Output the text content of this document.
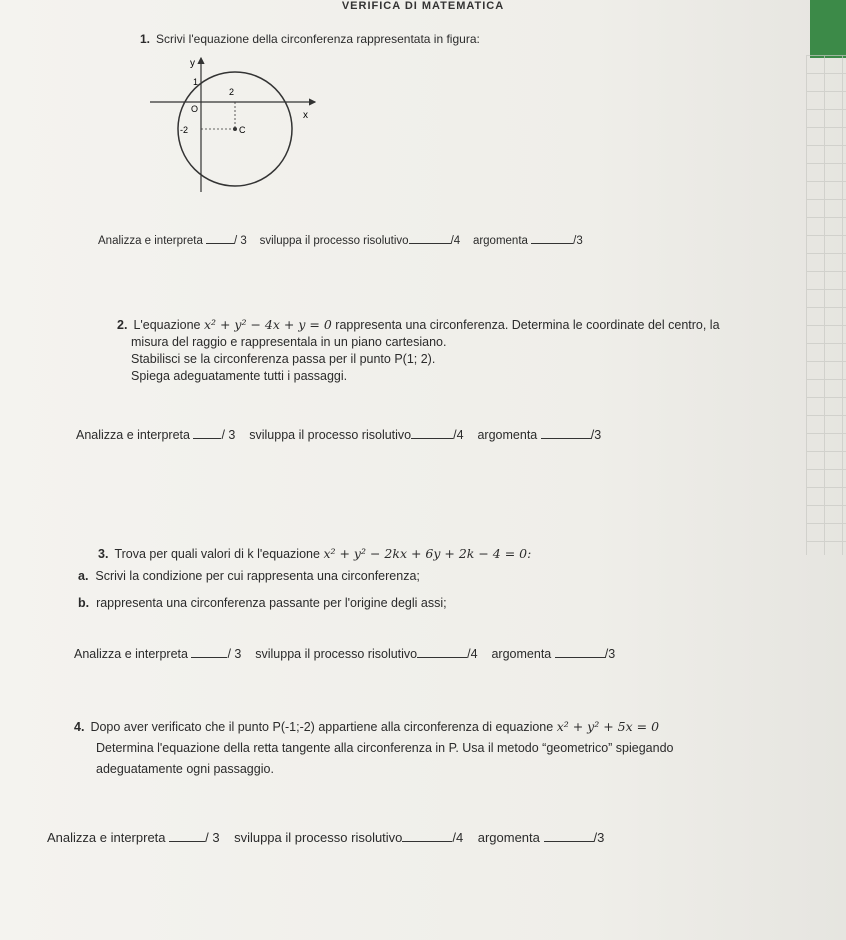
VERIFICA DI MATEMATICA
1. Scrivi l'equazione della circonferenza rappresentata in figura:
y
x
1
2
O
-2	C
Analizza e interpreta	/ 3 sviluppa il processo risolutivo	/4 argomenta	/3
2. L'equazione x² + y² − 4x + y = 0 rappresenta una circonferenza. Determina le coordinate del centro, la
misura del raggio e rappresentala in un piano cartesiano.
Stabilisci se la circonferenza passa per il punto P(1; 2).
Spiega adeguatamente tutti i passaggi.
Analizza e interpreta	/ 3 sviluppa il processo risolutivo	/4 argomenta	/3
3. Trova per quali valori di k l'equazione x² + y² − 2kx + 6y + 2k − 4 = 0:
a. Scrivi la condizione per cui rappresenta una circonferenza;
b. rappresenta una circonferenza passante per l'origine degli assi;
Analizza e interpreta	/ 3 sviluppa il processo risolutivo	/4 argomenta	/3
4. Dopo aver verificato che il punto P(-1;-2) appartiene alla circonferenza di equazione x² + y² + 5x = 0
Determina l'equazione della retta tangente alla circonferenza in P. Usa il metodo “geometrico” spiegando
adeguatamente ogni passaggio.
Analizza e interpreta	/ 3 sviluppa il processo risolutivo	/4 argomenta	/3
